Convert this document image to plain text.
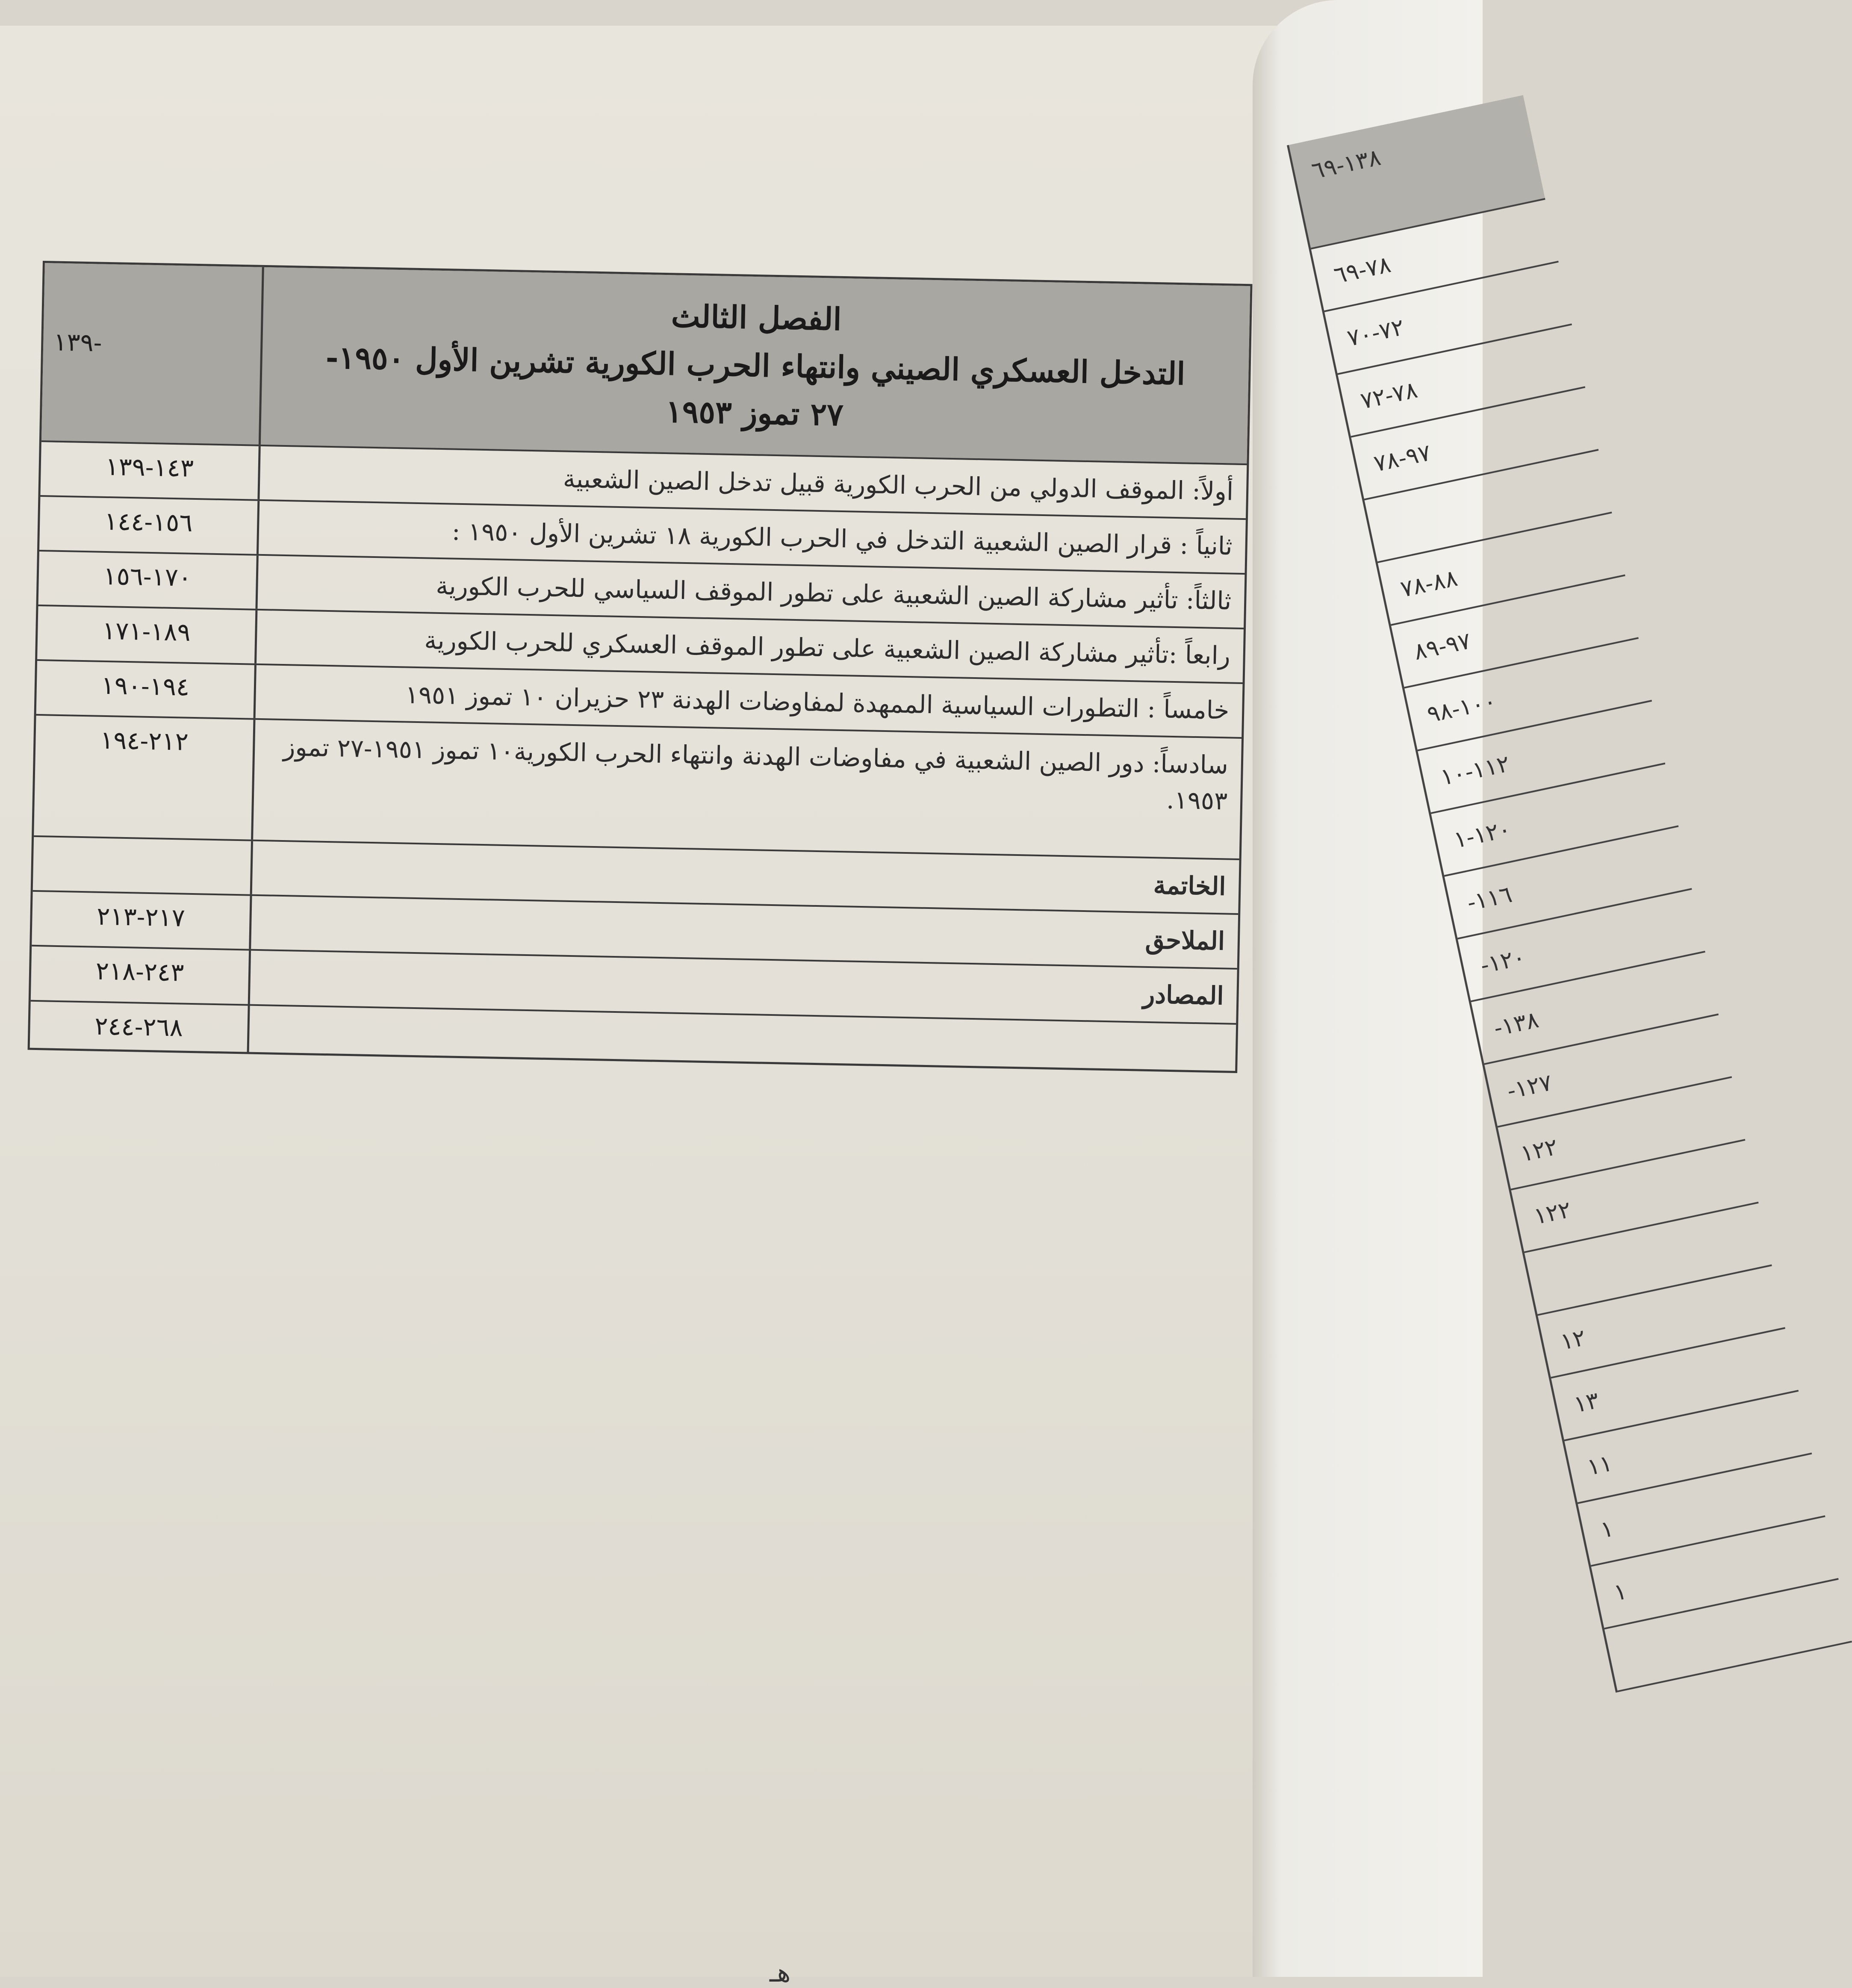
الفصل الثالث
التدخل العسكري الصيني وانتهاء الحرب الكورية تشرين الأول ١٩٥٠-
٢٧ تموز ١٩٥٣
-١٣٩
أولاً: الموقف الدولي من الحرب الكورية قبيل تدخل الصين الشعبية
١٤٣-١٣٩
ثانياً : قرار الصين الشعبية التدخل في الحرب الكورية ١٨ تشرين الأول ١٩٥٠ :
١٥٦-١٤٤
ثالثاً: تأثير مشاركة الصين الشعبية على تطور الموقف السياسي للحرب الكورية
١٧٠-١٥٦
رابعاً :تأثير مشاركة الصين الشعبية على تطور الموقف العسكري للحرب الكورية
١٨٩-١٧١
خامساً : التطورات السياسية الممهدة لمفاوضات الهدنة ٢٣ حزيران ١٠ تموز ١٩٥١
١٩٤-١٩٠
سادساً: دور الصين الشعبية في مفاوضات الهدنة وانتهاء الحرب الكورية١٠ تموز ١٩٥١-٢٧ تموز ١٩٥٣.
٢١٢-١٩٤
الخاتمة
الملاحق
٢١٧-٢١٣
المصادر
٢٤٣-٢١٨
٢٦٨-٢٤٤
هـ
١٣٨-٦٩
٧٨-٦٩
٧٢-٧٠
٧٨-٧٢
٩٧-٧٨
٨٨-٧٨
٩٧-٨٩
١٠٠-٩٨
١١٢-١٠
١٢٠-١
١١٦-
١٢٠-
١٣٨-
١٢٧-
١٢٢
١٢٢
١٢
١٣
١١
١
١
